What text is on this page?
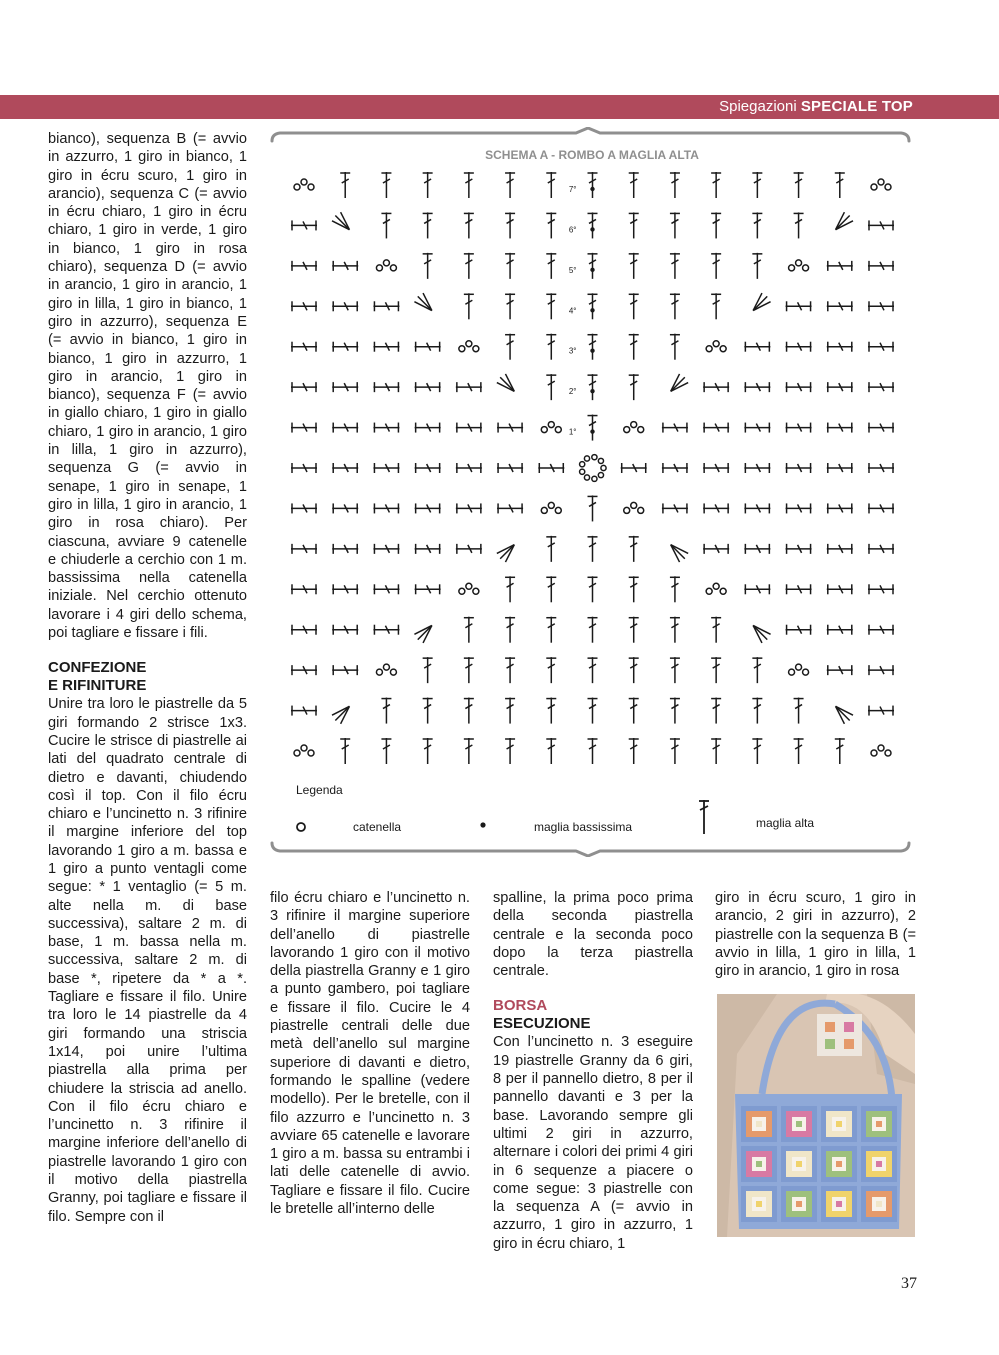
Spiegazioni SPECIALE TOP

bianco), sequenza B (= avvio in azzurro, 1 giro in bianco, 1 giro in écru scuro, 1 giro in arancio), sequenza C (= avvio in écru chiaro, 1 giro in écru chiaro, 1 giro in verde, 1 giro in bianco, 1 giro in rosa chiaro), sequenza D (= avvio in arancio, 1 giro in arancio, 1 giro in lilla, 1 giro in bianco, 1 giro in azzurro), sequenza E (= avvio in bianco, 1 giro in bianco, 1 giro in azzurro, 1 giro in arancio, 1 giro in bianco), sequenza F (= avvio in giallo chiaro, 1 giro in giallo chiaro, 1 giro in arancio, 1 giro in lilla, 1 giro in azzurro), sequenza G (= avvio in senape, 1 giro in senape, 1 giro in lilla, 1 giro in arancio, 1 giro in rosa chiaro). Per ciascuna, avviare 9 catenelle e chiuderle a cerchio con 1 m. bassissima nella catenella iniziale. Nel cerchio ottenuto lavorare i 4 giri dello schema, poi tagliare e fissare i fili.

CONFEZIONE
E RIFINITURE

Unire tra loro le piastrelle da 5 giri formando 2 strisce 1x3. Cucire le strisce di piastrelle ai lati del quadrato centrale di dietro e davanti, chiudendo così il top. Con il filo écru chiaro e l’uncinetto n. 3 rifinire il margine inferiore del top lavorando 1 giro a m. bassa e 1 giro a punto ventagli come segue: * 1 ventaglio (= 5 m. alte nella m. di base successiva), saltare 2 m. di base, 1 m. bassa nella m. successiva, saltare 2 m. di base *, ripetere da * a *. Tagliare e fissare il filo. Unire tra loro le 14 piastrelle da 4 giri formando una striscia 1x14, poi unire l’ultima piastrella alla prima per chiudere la striscia ad anello. Con il filo écru chiaro e l’uncinetto n. 3 rifinire il margine inferiore dell’anello di piastrelle lavorando 1 giro con il motivo della piastrella Granny, poi tagliare e fissare il filo. Sempre con il

SCHEMA A - ROMBO A MAGLIA ALTA
1°
2°
3°
4°
5°
6°
7°
Legenda
catenella	maglia bassissima	maglia alta

filo écru chiaro e l’uncinetto n. 3 rifinire il margine superiore dell’anello di piastrelle lavorando 1 giro con il motivo della piastrella Granny e 1 giro a punto gambero, poi tagliare e fissare il filo. Cucire le 4 piastrelle centrali delle due metà dell’anello sul margine superiore di davanti e dietro, formando le spalline (vedere modello). Per le bretelle, con il filo azzurro e l’uncinetto n. 3 avviare 65 catenelle e lavorare 1 giro a m. bassa su entrambi i lati delle catenelle di avvio. Tagliare e fissare il filo. Cucire le bretelle all’interno delle

spalline, la prima poco prima della seconda piastrella centrale e la seconda poco dopo la terza piastrella centrale.

BORSA
ESECUZIONE

Con l’uncinetto n. 3 eseguire 19 piastrelle Granny da 6 giri, 8 per il pannello dietro, 8 per il pannello davanti e 3 per la base. Lavorando sempre gli ultimi 2 giri in azzurro, alternare i colori dei primi 4 giri in 6 sequenze a piacere o come segue: 3 piastrelle con la sequenza A (= avvio in azzurro, 1 giro in azzurro, 1 giro in écru chiaro, 1

giro in écru scuro, 1 giro in arancio, 2 giri in azzurro), 2 piastrelle con la sequenza B (= avvio in lilla, 1 giro in lilla, 1 giro in arancio, 1 giro in rosa

37
